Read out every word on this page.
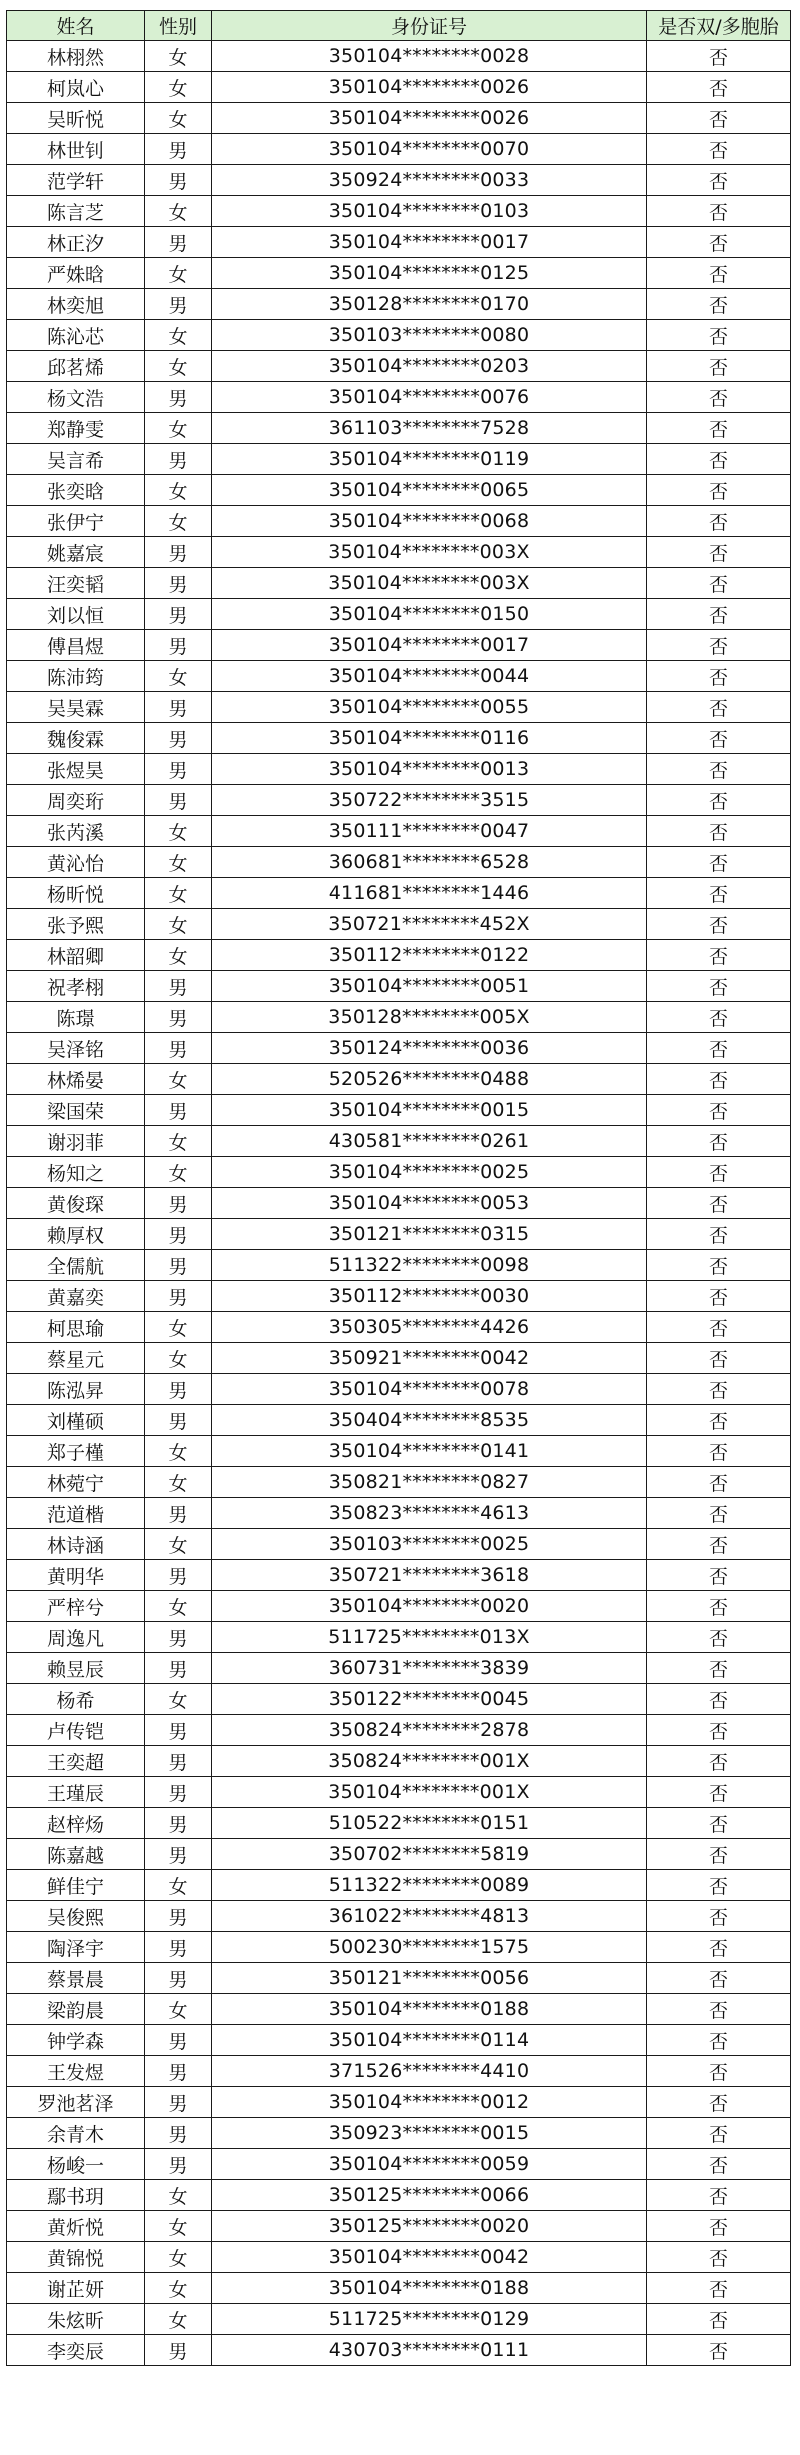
姓名	性别	身份证号	是否双/多胞胎
林栩然	女	350104********0028	否
柯岚心	女	350104********0026	否
吴昕悦	女	350104********0026	否
林世钊	男	350104********0070	否
范学轩	男	350924********0033	否
陈言芝	女	350104********0103	否
林正汐	男	350104********0017	否
严姝晗	女	350104********0125	否
林奕旭	男	350128********0170	否
陈沁芯	女	350103********0080	否
邱茗烯	女	350104********0203	否
杨文浩	男	350104********0076	否
郑静雯	女	361103********7528	否
吴言希	男	350104********0119	否
张奕晗	女	350104********0065	否
张伊宁	女	350104********0068	否
姚嘉宸	男	350104********003X	否
汪奕韬	男	350104********003X	否
刘以恒	男	350104********0150	否
傅昌煜	男	350104********0017	否
陈沛筠	女	350104********0044	否
吴昊霖	男	350104********0055	否
魏俊霖	男	350104********0116	否
张煜昊	男	350104********0013	否
周奕珩	男	350722********3515	否
张芮溪	女	350111********0047	否
黄沁怡	女	360681********6528	否
杨昕悦	女	411681********1446	否
张予熙	女	350721********452X	否
林韶卿	女	350112********0122	否
祝孝栩	男	350104********0051	否
陈璟	男	350128********005X	否
吴泽铭	男	350124********0036	否
林烯晏	女	520526********0488	否
梁国荣	男	350104********0015	否
谢羽菲	女	430581********0261	否
杨知之	女	350104********0025	否
黄俊琛	男	350104********0053	否
赖厚权	男	350121********0315	否
全儒航	男	511322********0098	否
黄嘉奕	男	350112********0030	否
柯思瑜	女	350305********4426	否
蔡星元	女	350921********0042	否
陈泓昇	男	350104********0078	否
刘槿硕	男	350404********8535	否
郑子槿	女	350104********0141	否
林菀宁	女	350821********0827	否
范道楷	男	350823********4613	否
林诗涵	女	350103********0025	否
黄明华	男	350721********3618	否
严梓兮	女	350104********0020	否
周逸凡	男	511725********013X	否
赖昱辰	男	360731********3839	否
杨希	女	350122********0045	否
卢传铠	男	350824********2878	否
王奕超	男	350824********001X	否
王瑾辰	男	350104********001X	否
赵梓炀	男	510522********0151	否
陈嘉越	男	350702********5819	否
鲜佳宁	女	511322********0089	否
吴俊熙	男	361022********4813	否
陶泽宇	男	500230********1575	否
蔡景晨	男	350121********0056	否
梁韵晨	女	350104********0188	否
钟学森	男	350104********0114	否
王发煜	男	371526********4410	否
罗池茗泽	男	350104********0012	否
余青木	男	350923********0015	否
杨峻一	男	350104********0059	否
鄢书玥	女	350125********0066	否
黄炘悦	女	350125********0020	否
黄锦悦	女	350104********0042	否
谢芷妍	女	350104********0188	否
朱炫昕	女	511725********0129	否
李奕辰	男	430703********0111	否
